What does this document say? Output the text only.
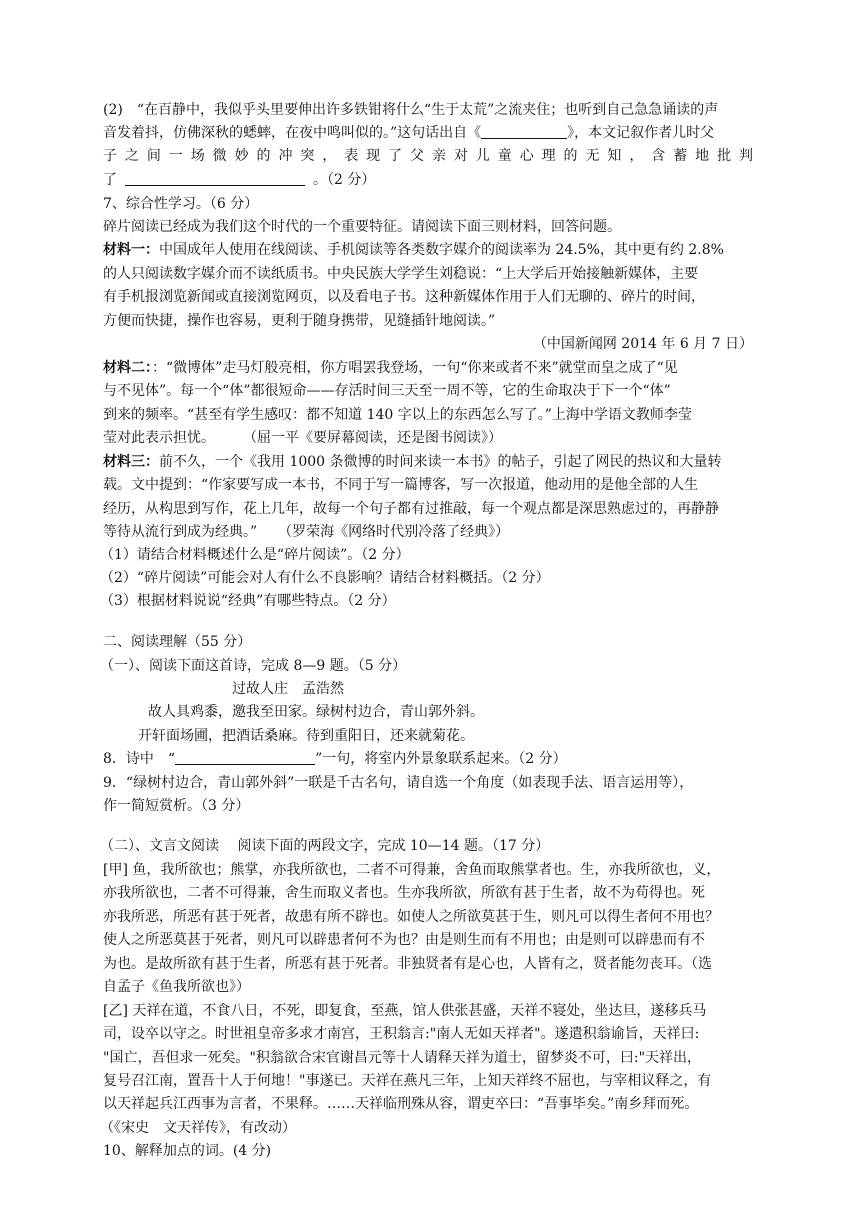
(2)　“在百静中，我似乎头里要伸出许多铁钳将什么“生于太荒”之流夹住；也听到自己急急诵读的声
音发着抖，仿佛深秋的蟋蟀，在夜中鸣叫似的。”这句话出自《	》，本文记叙作者儿时父
子之间一场微妙的冲突，表现了父亲对儿童心理的无知，含蓄地批判
了	。（2 分）
7、综合性学习。（6 分）
碎片阅读已经成为我们这个时代的一个重要特征。请阅读下面三则材料，回答问题。
材料一：中国成年人使用在线阅读、手机阅读等各类数字媒介的阅读率为 24.5%，其中更有约 2.8%
的人只阅读数字媒介而不读纸质书。中央民族大学学生刘稳说：“上大学后开始接触新媒体，主要
有手机报浏览新闻或直接浏览网页，以及看电子书。这种新媒体作用于人们无聊的、碎片的时间，
方便而快捷，操作也容易，更利于随身携带，见缝插针地阅读。”
（中国新闻网 2014 年 6 月 7 日）
材料二：：“微博体”走马灯般亮相，你方唱罢我登场，一句“你来或者不来”就堂而皇之成了“见
与不见体”。每一个“体”都很短命——存活时间三天至一周不等，它的生命取决于下一个“体”
到来的频率。“甚至有学生感叹：都不知道 140 字以上的东西怎么写了。”上海中学语文教师李莹
莹对此表示担忧。　　　（屈一平《要屏幕阅读，还是图书阅读》）
材料三：前不久，一个《我用 1000 条微博的时间来读一本书》的帖子，引起了网民的热议和大量转
载。文中提到：“作家要写成一本书，不同于写一篇博客，写一次报道，他动用的是他全部的人生
经历，从构思到写作，花上几年，故每一个句子都有过推敲，每一个观点都是深思熟虑过的，再静静
等待从流行到成为经典。”　　（罗荣海《网络时代别冷落了经典》）
（1）请结合材料概述什么是“碎片阅读”。（2 分）
（2）“碎片阅读”可能会对人有什么不良影响？请结合材料概括。（2 分）
（3）根据材料说说“经典”有哪些特点。（2 分）
二、阅读理解（55 分）
（一）、阅读下面这首诗，完成 8—9 题。（5 分）
过故人庄　孟浩然
故人具鸡黍，邀我至田家。绿树村边合，青山郭外斜。
开轩面场圃，把酒话桑麻。待到重阳日，还来就菊花。
8．诗中　“	”一句，将室内外景象联系起来。（2 分）
9．“绿树村边合，青山郭外斜”一联是千古名句，请自选一个角度（如表现手法、语言运用等），
作一简短赏析。（3 分）
（二）、文言文阅读　 阅读下面的两段文字，完成 10—14 题。（17 分）
[甲] 鱼，我所欲也；熊掌，亦我所欲也，二者不可得兼，舍鱼而取熊掌者也。生，亦我所欲也，义，
亦我所欲也，二者不可得兼，舍生而取义者也。生亦我所欲，所欲有甚于生者，故不为苟得也。死
亦我所恶，所恶有甚于死者，故患有所不辟也。如使人之所欲莫甚于生，则凡可以得生者何不用也？
使人之所恶莫甚于死者，则凡可以辟患者何不为也？由是则生而有不用也；由是则可以辟患而有不
为也。是故所欲有甚于生者，所恶有甚于死者。非独贤者有是心也，人皆有之，贤者能勿丧耳。（选
自孟子《鱼我所欲也》）
[乙] 天祥在道，不食八日，不死，即复食，至燕，馆人供张甚盛，天祥不寝处，坐达旦，遂移兵马
司，设卒以守之。时世祖皇帝多求才南宫，王积翁言:"南人无如天祥者"。遂遣积翁谕旨，天祥曰:
"国亡，吾但求一死矣。"积翁欲合宋官谢昌元等十人请释天祥为道士，留梦炎不可，曰:"天祥出，
复号召江南，置吾十人于何地！"事遂已。天祥在燕凡三年，上知天祥终不屈也，与宰相议释之，有
以天祥起兵江西事为言者，不果释。……天祥临刑殊从容，谓吏卒曰：“吾事毕矣。”南乡拜而死。
（《宋史　文天祥传》，有改动）
10、解释加点的词。(4 分)
